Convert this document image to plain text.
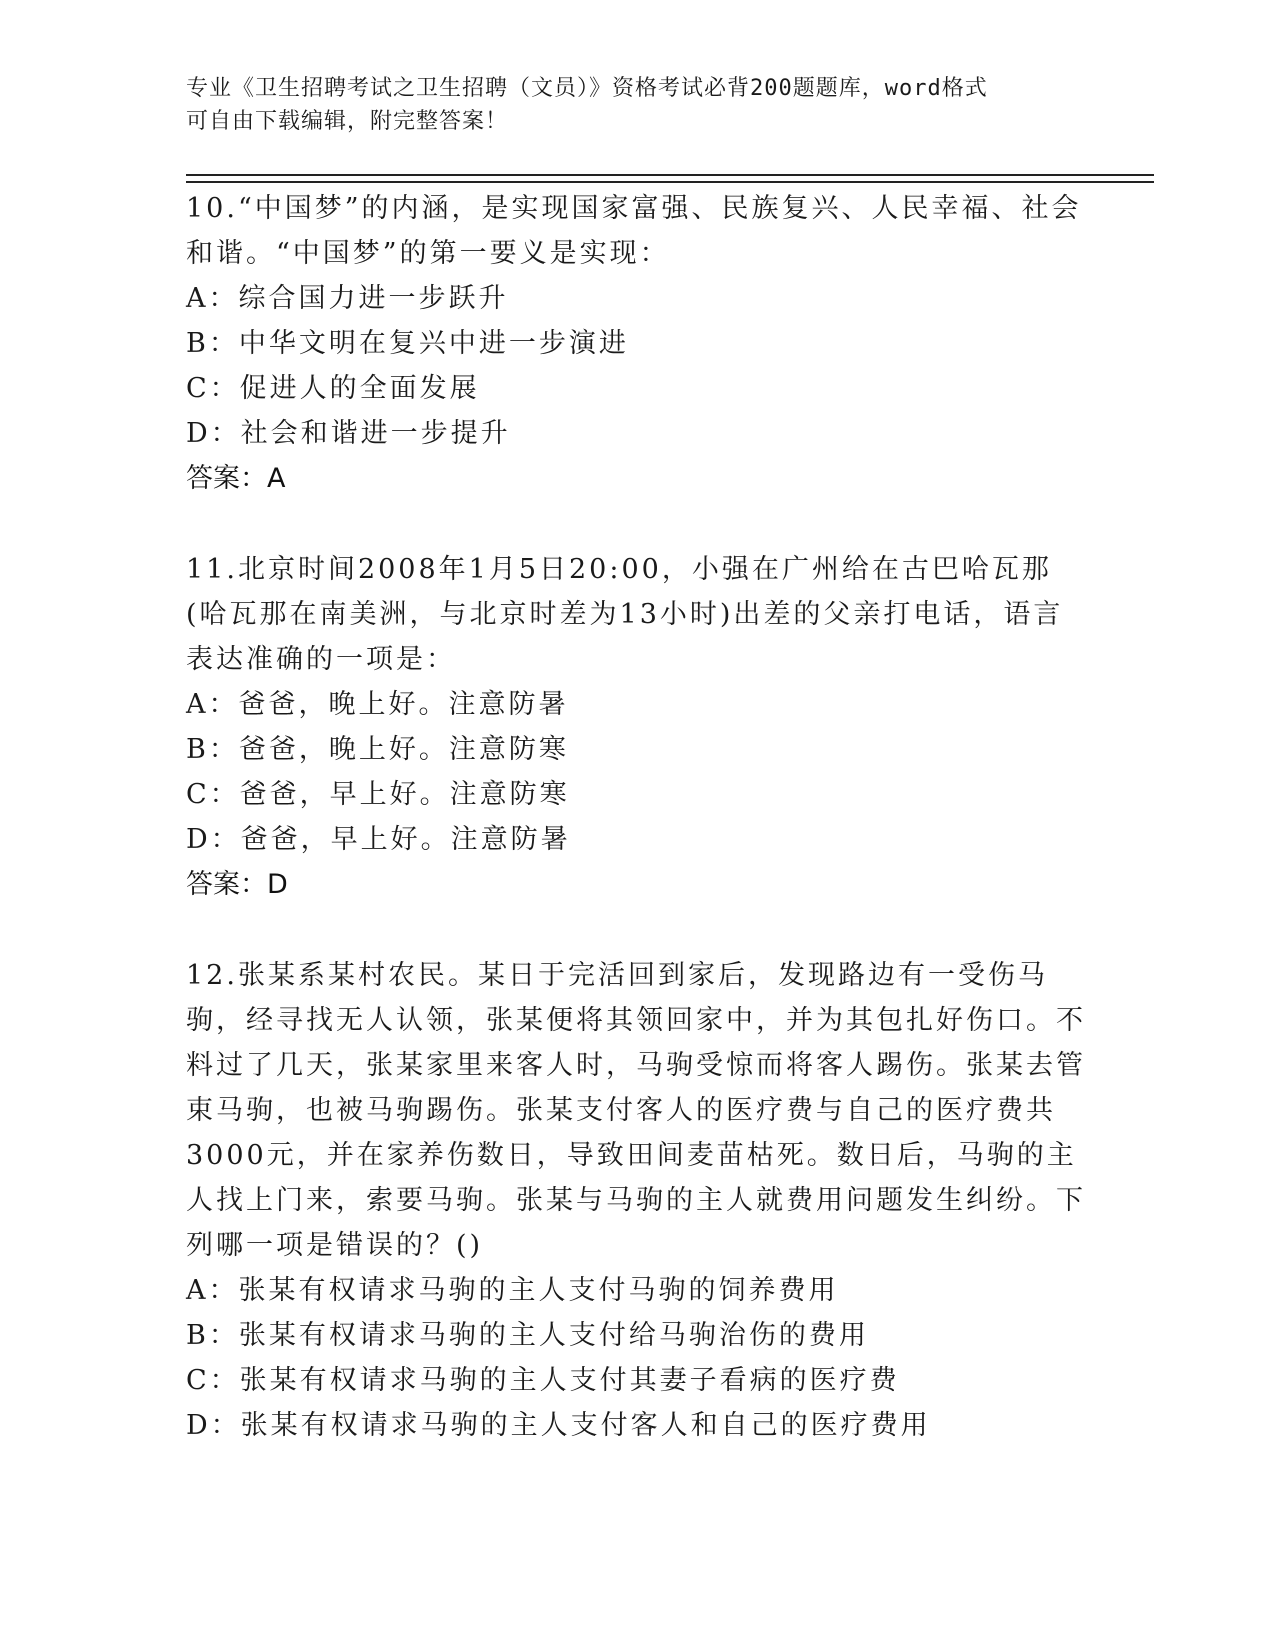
专业《卫生招聘考试之卫生招聘（文员）》资格考试必背200题题库，word格式
可自由下载编辑，附完整答案！

10.“中国梦”的内涵，是实现国家富强、民族复兴、人民幸福、社会和谐。“中国梦”的第一要义是实现：

A：综合国力进一步跃升

B：中华文明在复兴中进一步演进

C：促进人的全面发展

D：社会和谐进一步提升

答案：A

11.北京时间2008年1月5日20:00，小强在广州给在古巴哈瓦那(哈瓦那在南美洲，与北京时差为13小时)出差的父亲打电话，语言表达准确的一项是：

A：爸爸，晚上好。注意防暑

B：爸爸，晚上好。注意防寒

C：爸爸，早上好。注意防寒

D：爸爸，早上好。注意防暑

答案：D

12.张某系某村农民。某日于完活回到家后，发现路边有一受伤马驹，经寻找无人认领，张某便将其领回家中，并为其包扎好伤口。不料过了几天，张某家里来客人时，马驹受惊而将客人踢伤。张某去管束马驹，也被马驹踢伤。张某支付客人的医疗费与自己的医疗费共3000元，并在家养伤数日，导致田间麦苗枯死。数日后，马驹的主人找上门来，索要马驹。张某与马驹的主人就费用问题发生纠纷。下列哪一项是错误的？()

A：张某有权请求马驹的主人支付马驹的饲养费用

B：张某有权请求马驹的主人支付给马驹治伤的费用

C：张某有权请求马驹的主人支付其妻子看病的医疗费

D：张某有权请求马驹的主人支付客人和自己的医疗费用
